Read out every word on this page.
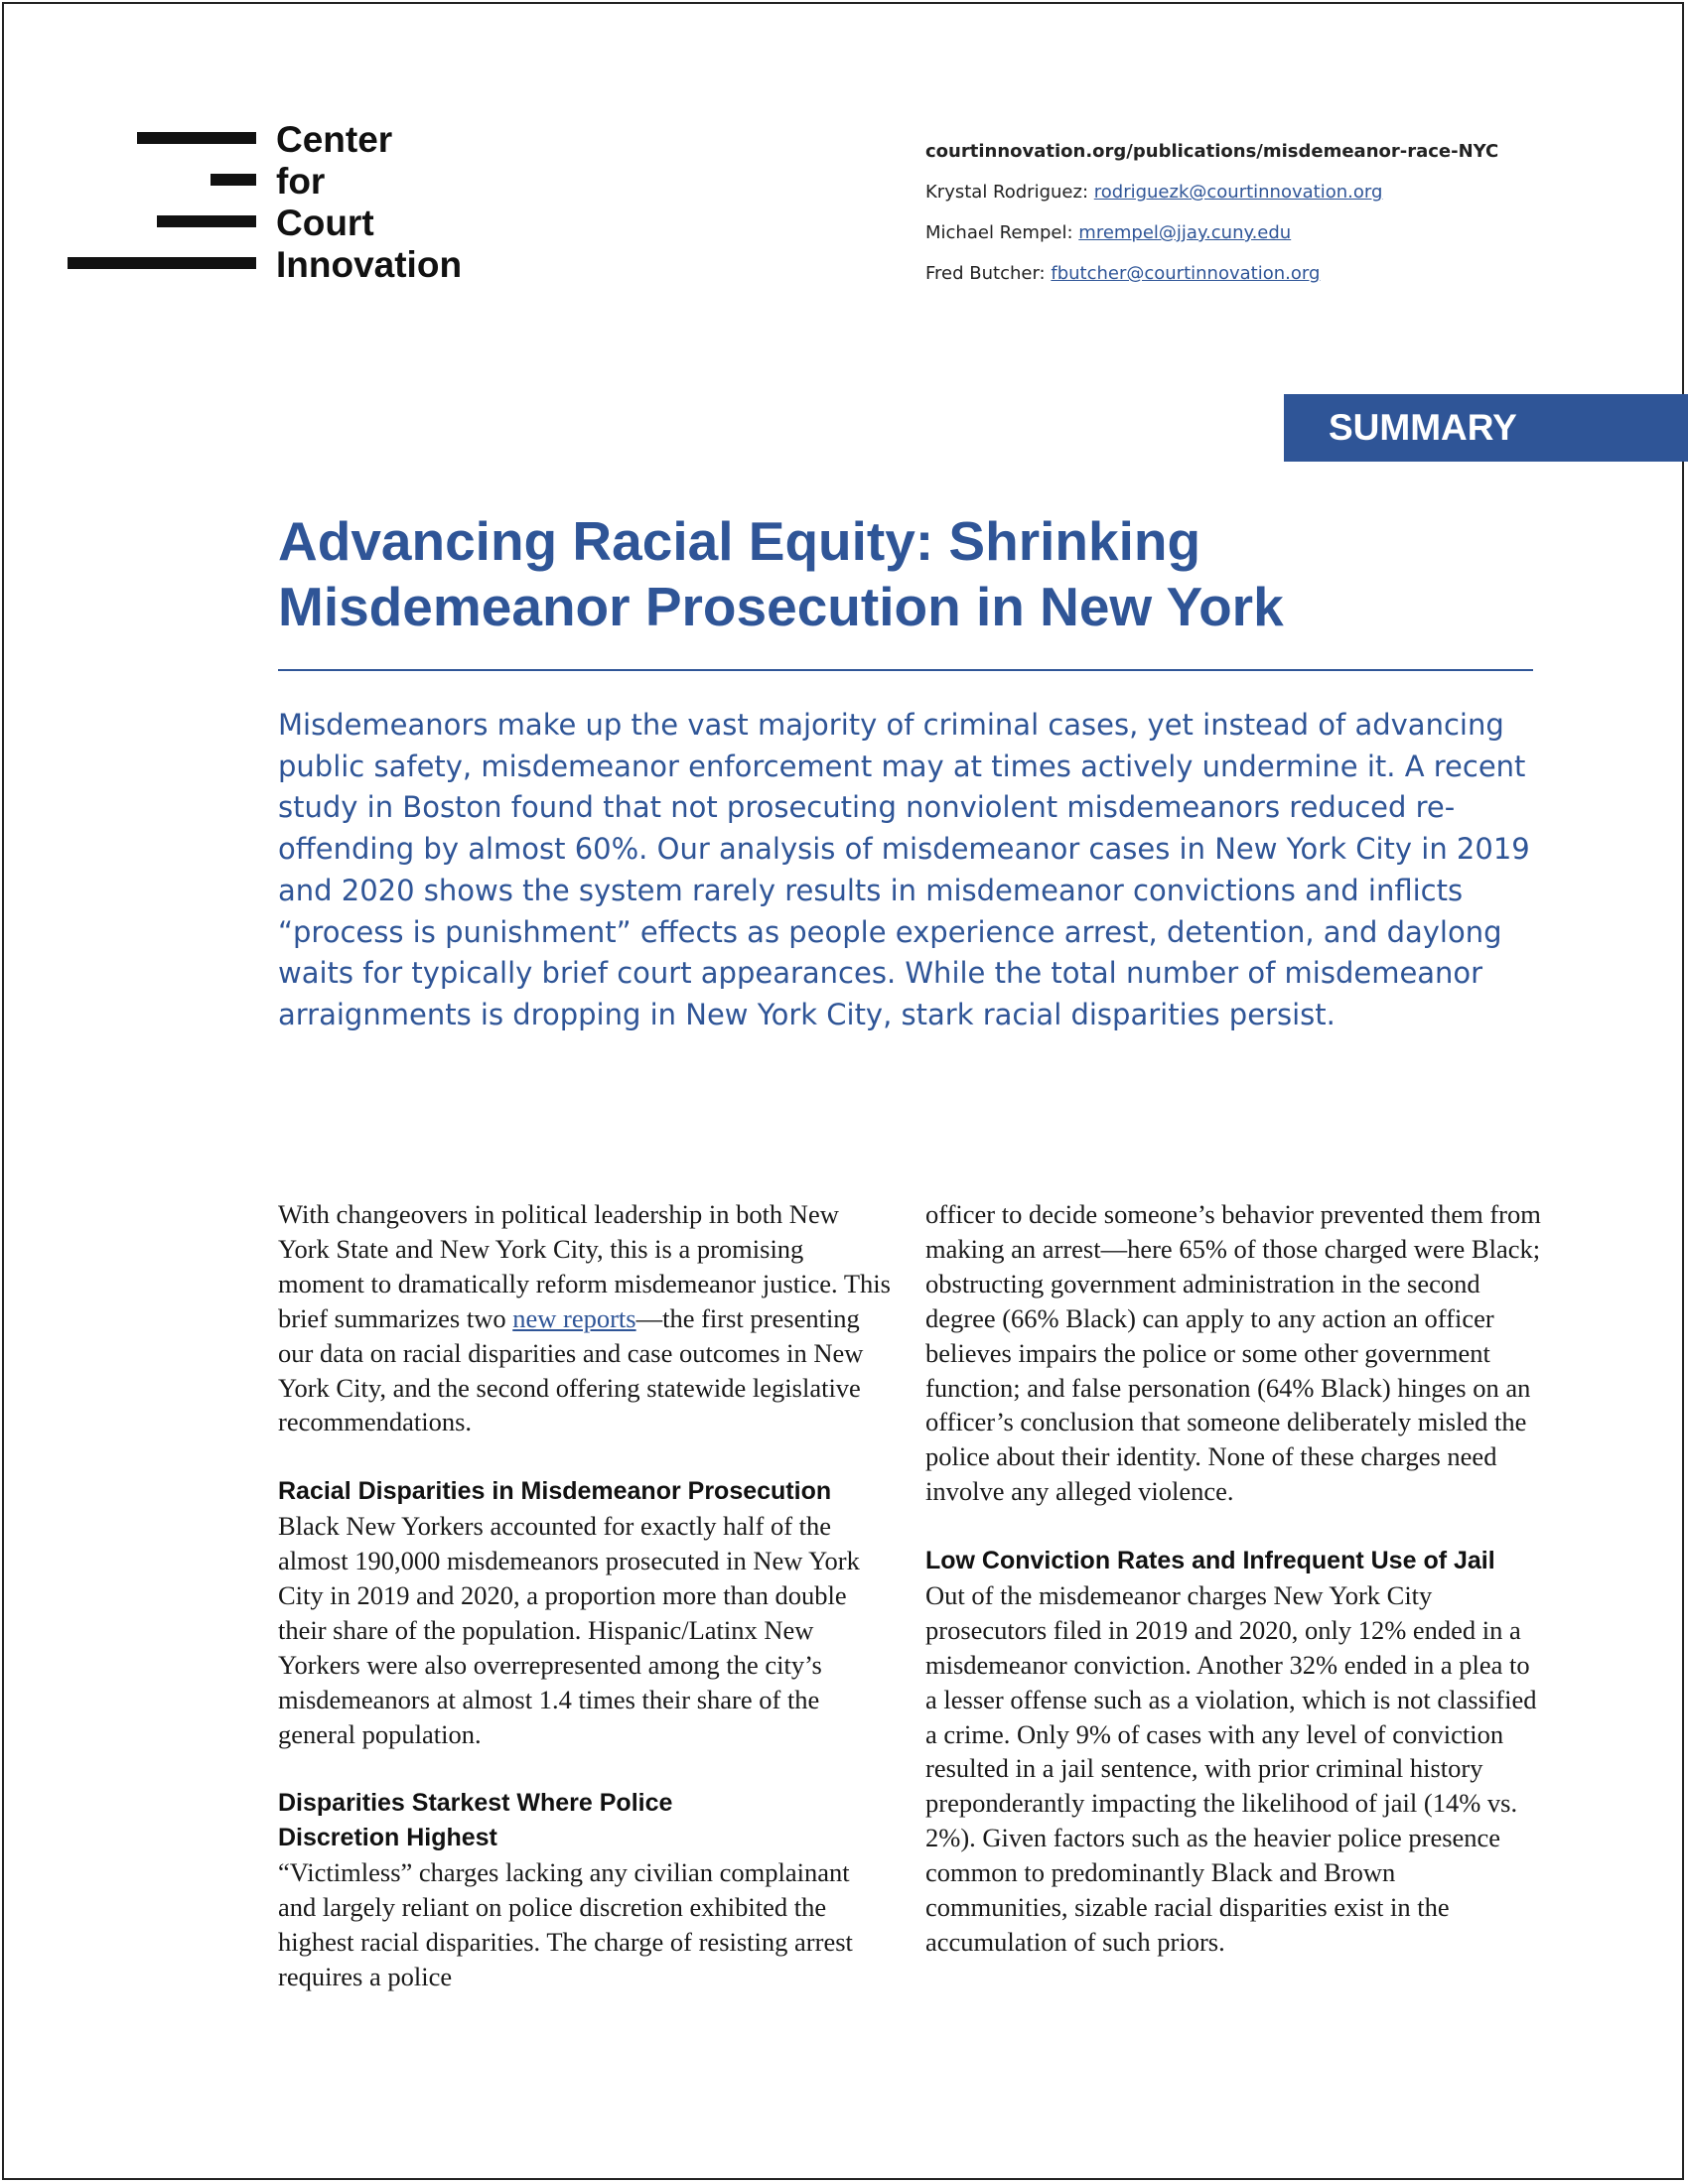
Center
for
Court
Innovation
courtinnovation.org/publications/misdemeanor-race-NYC
Krystal Rodriguez: rodriguezk@courtinnovation.org
Michael Rempel: mrempel@jjay.cuny.edu
Fred Butcher: fbutcher@courtinnovation.org
SUMMARY
Advancing Racial Equity: Shrinking Misdemeanor Prosecution in New York

Misdemeanors make up the vast majority of criminal cases, yet instead of advancing public safety, misdemeanor enforcement may at times actively undermine it. A recent study in Boston found that not prosecuting nonviolent misdemeanors reduced re-offending by almost 60%. Our analysis of misdemeanor cases in New York City in 2019 and 2020 shows the system rarely results in misdemeanor convictions and inflicts “process is punishment” effects as people experience arrest, detention, and daylong waits for typically brief court appearances. While the total number of misdemeanor arraignments is dropping in New York City, stark racial disparities persist.

With changeovers in political leadership in both New York State and New York City, this is a promising moment to dramatically reform misdemeanor justice. This brief summarizes two new reports—the first presenting our data on racial disparities and case outcomes in New York City, and the second offering statewide legislative recommendations.

Racial Disparities in Misdemeanor Prosecution

Black New Yorkers accounted for exactly half of the almost 190,000 misdemeanors prosecuted in New York City in 2019 and 2020, a proportion more than double their share of the population. Hispanic/Latinx New Yorkers were also overrepresented among the city’s misdemeanors at almost 1.4 times their share of the general population.

Disparities Starkest Where Police Discretion Highest

“Victimless” charges lacking any civilian complainant and largely reliant on police discretion exhibited the highest racial disparities. The charge of resisting arrest requires a police

officer to decide someone’s behavior prevented them from making an arrest—here 65% of those charged were Black; obstructing government administration in the second degree (66% Black) can apply to any action an officer believes impairs the police or some other government function; and false personation (64% Black) hinges on an officer’s conclusion that someone deliberately misled the police about their identity. None of these charges need involve any alleged violence.

Low Conviction Rates and Infrequent Use of Jail

Out of the misdemeanor charges New York City prosecutors filed in 2019 and 2020, only 12% ended in a misdemeanor conviction. Another 32% ended in a plea to a lesser offense such as a violation, which is not classified a crime. Only 9% of cases with any level of conviction resulted in a jail sentence, with prior criminal history preponderantly impacting the likelihood of jail (14% vs. 2%). Given factors such as the heavier police presence common to predominantly Black and Brown communities, sizable racial disparities exist in the accumulation of such priors.
